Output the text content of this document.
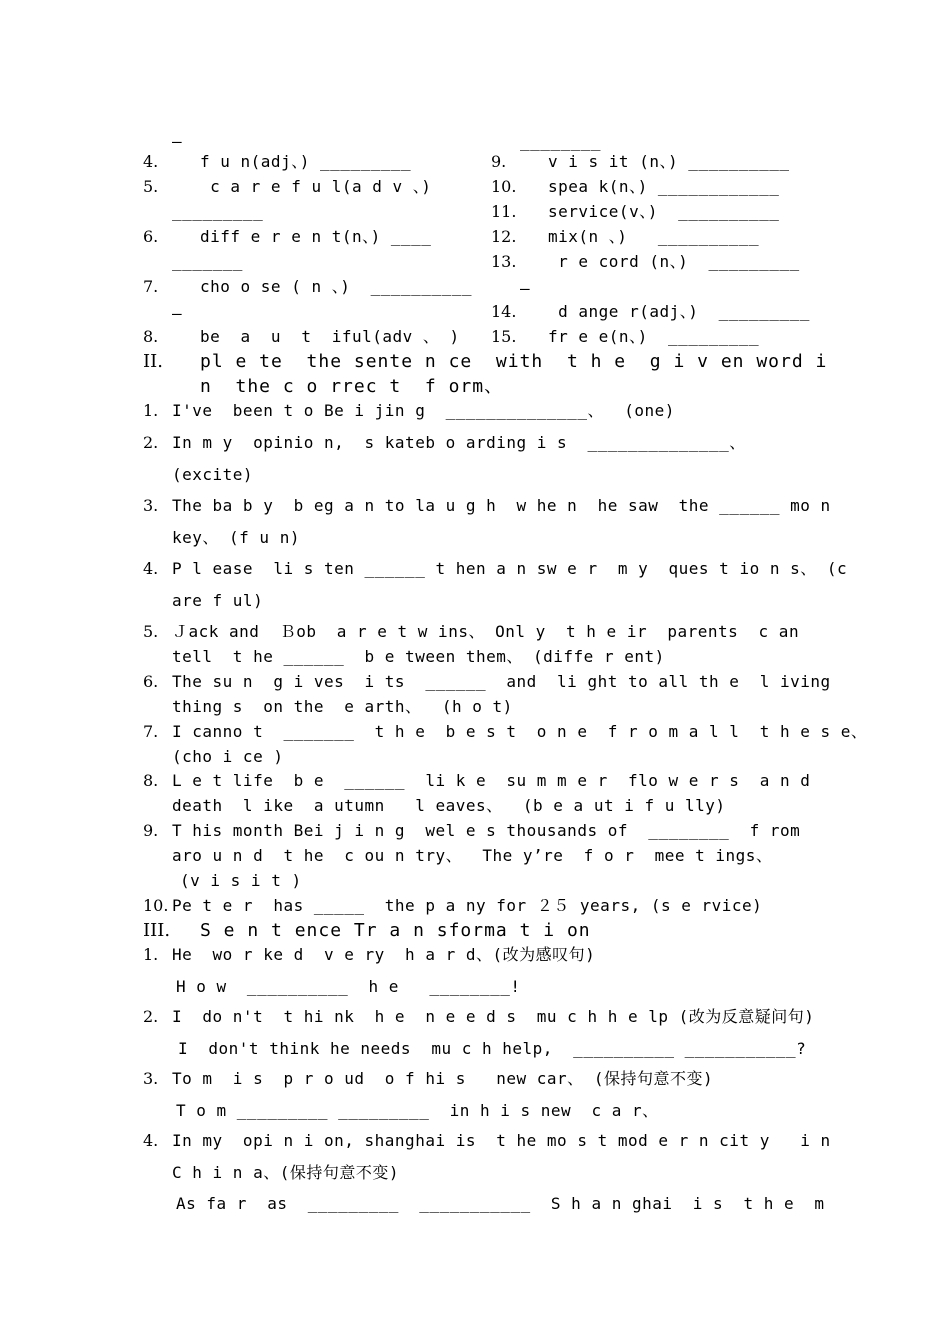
—	________
4.	f u n(adj、) _________
5.	c a r e f u l(a d v 、)
_________
6.	diff e r e n t(n、) ____
_______
7.	cho o se ( n 、)  __________
—
8.	be  a  u  t  iful(adv 、 )
9.	v i s it (n、) __________
10. spea k(n、) ____________
11. service(v、)  __________
12. mix(n 、)   __________
13. r e cord (n、)  _________
—
14. d ange r(adj、)  _________
15. fr e e(n、)  _________
II. pl e te  the sente n ce  with  t h e  g i v en word i
n  the c o rrec t  f orm、
1. I've  been t o Be i jin g  ______________、  (one)
2. In m y  opinio n,  s kateb o arding i s  ______________、
(excite)
3. The ba b y  b eg a n to la u g h  w he n  he saw  the ______ mo n
key、 (f u n)
4. P l ease  li s ten ______ t hen a n sw e r  m y  ques t io n s、 (c
are f ul)
5. Ｊack and  Ｂob  a r e t w ins、 Onl y  t h e ir  parents  c an
tell  t he ______  b e tween them、 (diffe r ent)
6. The su n  g i ves  i ts  ______  and  li ght to all th e  l iving
thing s  on the  e arth、  (h o t)
7. I canno t  _______  t h e  b e s t  o n e  f r o m a l l  t h e s e、
(cho i ce )
8. L e t life  b e  ______  li k e  su m m e r  flo w e r s  a n d
death  l ike  a utumn   l eaves、  (b e a ut i f u lly)
9. T his month Bei j i n g  wel e s thousands of  ________  f rom
aro u n d  t he  c ou n try、  The y’re  f o r  mee t ings、
(v i s i t )
10. Pe t e r  has _____  the p a ny for ２５ years, (s e rvice)
III. S e n t ence Tr a n sforma t i on
1. He  wo r ke d  v e ry  h a r d、(改为感叹句)
H o w  __________  h e   ________!
2. I  do n't  t hi nk  h e  n e e d s  mu c h h e lp (改为反意疑问句)
I  don't think he needs  mu c h help,  __________ ___________?
3. To m  i s  p r o ud  o f hi s   new car、 (保持句意不变)
T o m _________ _________  in h i s new  c a r、
4. In my  opi n i on, shanghai is  t he mo s t mod e r n cit y   i n
C h i n a、(保持句意不变)
As fa r  as  _________  ___________  S h a n ghai  i s  t h e  m
